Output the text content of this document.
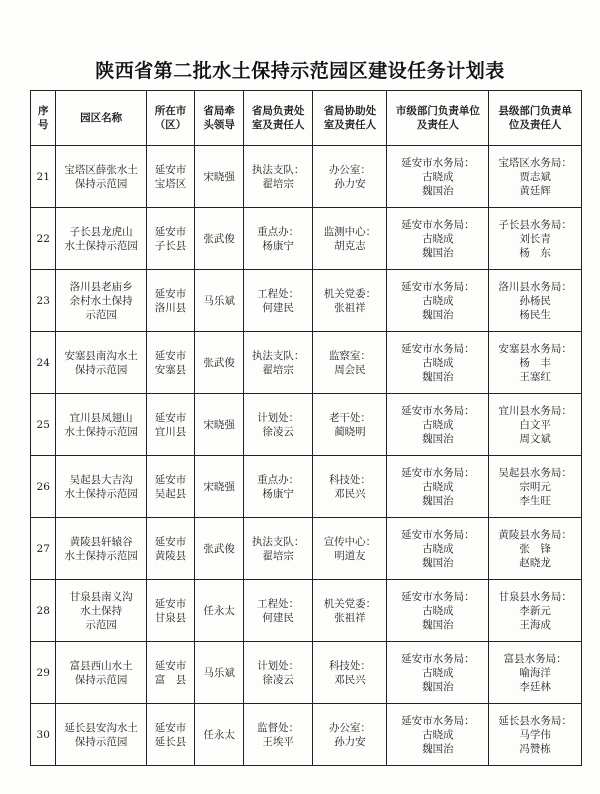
陕西省第二批水土保持示范园区建设任务计划表
序
号	园区名称	所在市
（区）	省局牵
头领导	省局负责处
室及责任人	省局协助处
室及责任人	市级部门负责单位
及责任人	县级部门负责单
位及责任人

21	宝塔区薛张水土
保持示范园	延安市
宝塔区	宋晓强	执法支队：
翟培宗	办公室：
孙力安	延安市水务局：
古晓成
魏国治	宝塔区水务局：
贾志斌
黄廷辉

22	子长县龙虎山
水土保持示范园	延安市
子长县	张武俊	重点办：
杨康宁	监测中心：
胡克志	延安市水务局：
古晓成
魏国治	子长县水务局：
刘长青
杨　东

23	洛川县老庙乡
余村水土保持
示范园	延安市
洛川县	马乐斌	工程处：
何建民	机关党委：
张祖祥	延安市水务局：
古晓成
魏国治	洛川县水务局：
孙杨民
杨民生

24	安塞县南沟水土
保持示范园	延安市
安塞县	张武俊	执法支队：
翟培宗	监察室：
周会民	延安市水务局：
古晓成
魏国治	安塞县水务局：
杨　丰
王塞红

25	宜川县凤翅山
水土保持示范园	延安市
宜川县	宋晓强	计划处：
徐凌云	老干处：
蔺晓明	延安市水务局：
古晓成
魏国治	宜川县水务局：
白文平
周文斌

26	吴起县大吉沟
水土保持示范园	延安市
吴起县	宋晓强	重点办：
杨康宁	科技处：
邓民兴	延安市水务局：
古晓成
魏国治	吴起县水务局：
宗明元
李生旺

27	黄陵县轩辕谷
水土保持示范园	延安市
黄陵县	张武俊	执法支队：
翟培宗	宣传中心：
明道友	延安市水务局：
古晓成
魏国治	黄陵县水务局：
张　锋
赵晓龙

28	甘泉县南义沟
水土保持
示范园	延安市
甘泉县	任永太	工程处：
何建民	机关党委：
张祖祥	延安市水务局：
古晓成
魏国治	甘泉县水务局：
李新元
王海成

29	富县西山水土
保持示范园	延安市
富　县	马乐斌	计划处：
徐凌云	科技处：
邓民兴	延安市水务局：
古晓成
魏国治	富县水务局：
喻海洋
李廷林

30	延长县安沟水土
保持示范园	延安市
延长县	任永太	监督处：
王埃平	办公室：
孙力安	延安市水务局：
古晓成
魏国治	延长县水务局：
马学伟
冯赞栋
